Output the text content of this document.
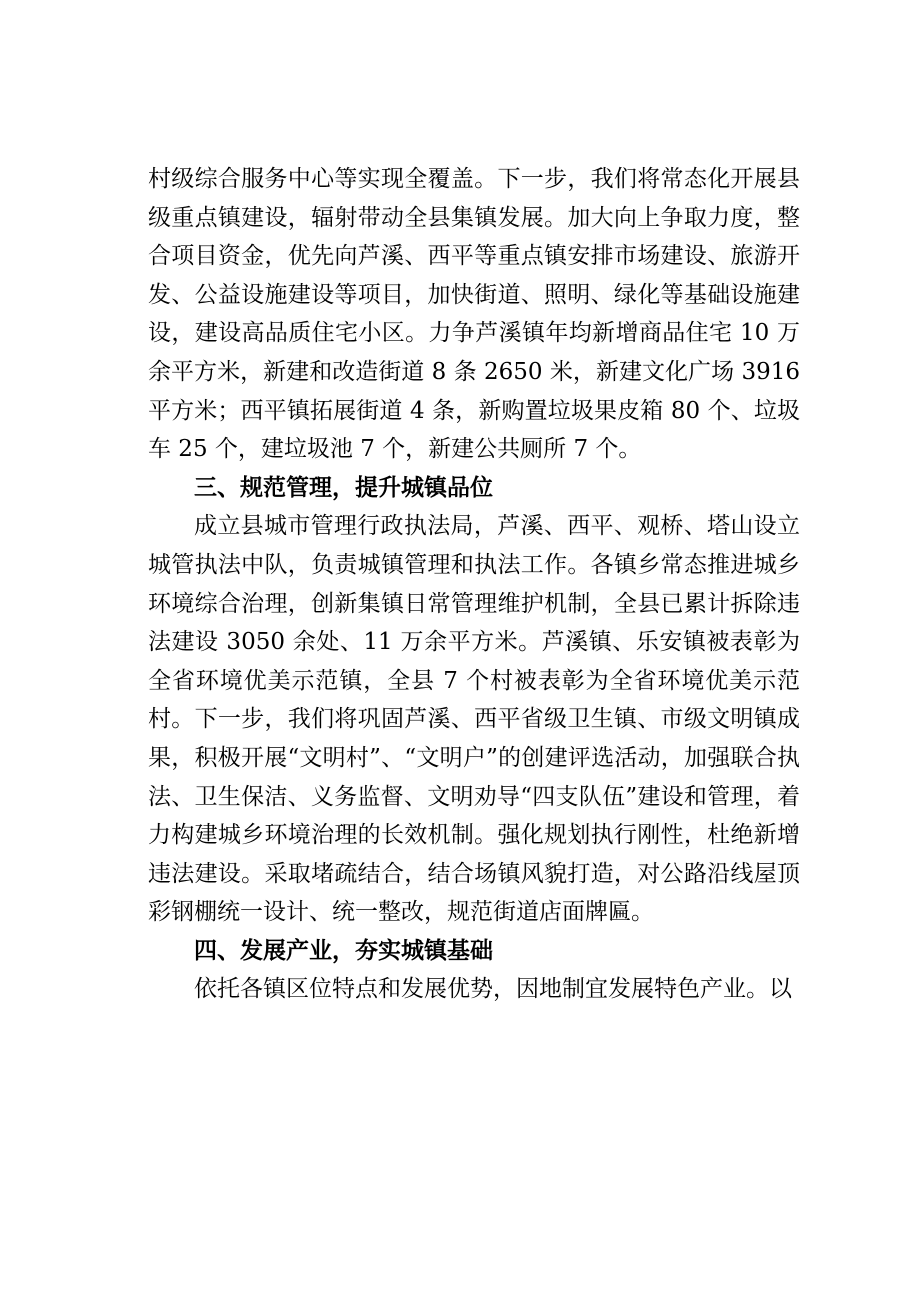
村级综合服务中心等实现全覆盖。下一步，我们将常态化开展县级重点镇建设，辐射带动全县集镇发展。加大向上争取力度，整合项目资金，优先向芦溪、西平等重点镇安排市场建设、旅游开发、公益设施建设等项目，加快街道、照明、绿化等基础设施建设，建设高品质住宅小区。力争芦溪镇年均新增商品住宅 10 万余平方米，新建和改造街道 8 条 2650 米，新建文化广场 3916 平方米；西平镇拓展街道 4 条，新购置垃圾果皮箱 80 个、垃圾车 25 个，建垃圾池 7 个，新建公共厕所 7 个。

三、规范管理，提升城镇品位

成立县城市管理行政执法局，芦溪、西平、观桥、塔山设立城管执法中队，负责城镇管理和执法工作。各镇乡常态推进城乡环境综合治理，创新集镇日常管理维护机制，全县已累计拆除违法建设 3050 余处、11 万余平方米。芦溪镇、乐安镇被表彰为全省环境优美示范镇，全县 7 个村被表彰为全省环境优美示范村。下一步，我们将巩固芦溪、西平省级卫生镇、市级文明镇成果，积极开展“文明村”、“文明户”的创建评选活动，加强联合执法、卫生保洁、义务监督、文明劝导“四支队伍”建设和管理，着力构建城乡环境治理的长效机制。强化规划执行刚性，杜绝新增违法建设。采取堵疏结合，结合场镇风貌打造，对公路沿线屋顶彩钢棚统一设计、统一整改，规范街道店面牌匾。

四、发展产业，夯实城镇基础

依托各镇区位特点和发展优势，因地制宜发展特色产业。以
